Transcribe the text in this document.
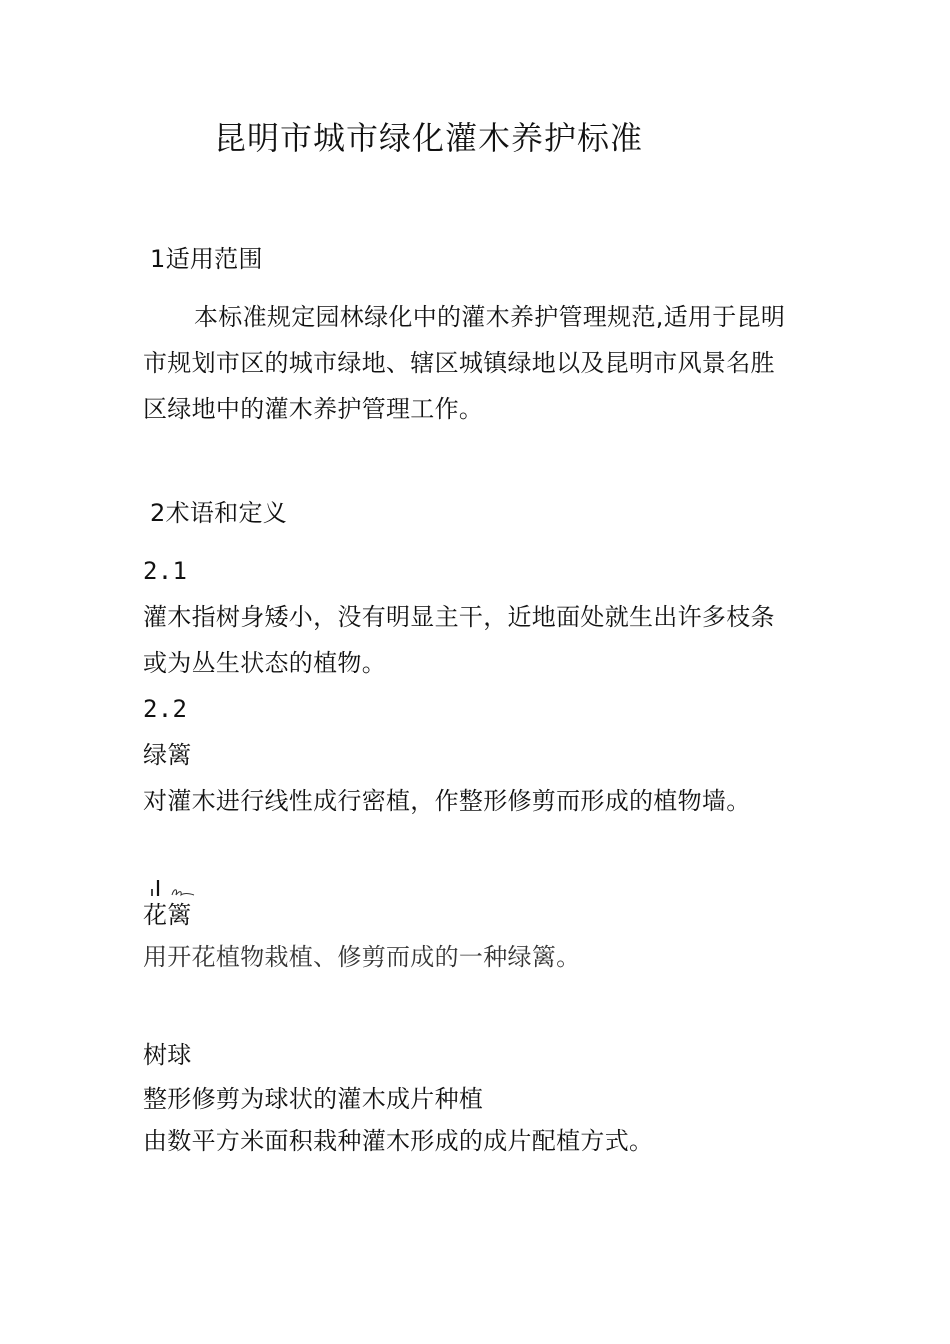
昆明市城市绿化灌木养护标准
1适用范围
本标准规定园林绿化中的灌木养护管理规范,适用于昆明
市规划市区的城市绿地、辖区城镇绿地以及昆明市风景名胜
区绿地中的灌木养护管理工作。
2术语和定义
2.1
灌木指树身矮小，没有明显主干，近地面处就生出许多枝条
或为丛生状态的植物。
2.2
绿篱
对灌木进行线性成行密植，作整形修剪而形成的植物墙。
花篱
用开花植物栽植、修剪而成的一种绿篱。
树球
整形修剪为球状的灌木成片种植
由数平方米面积栽种灌木形成的成片配植方式。
